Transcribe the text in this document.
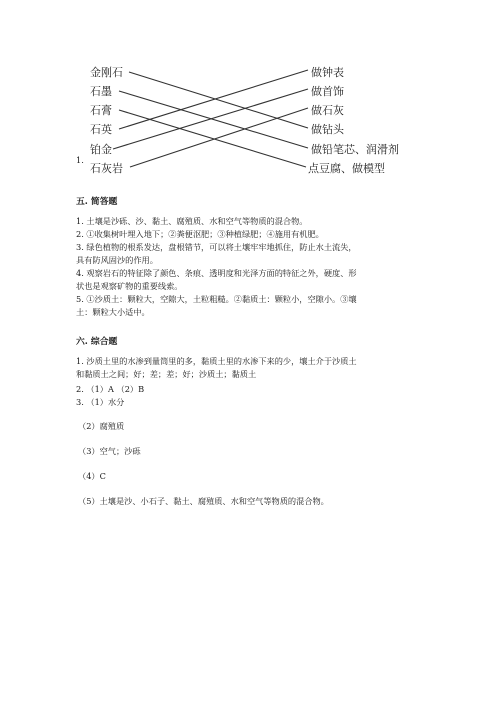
金刚石
石墨
石膏
石英
铂金
石灰岩
做钟表
做首饰
做石灰
做钻头
做铅笔芯、润滑剂
点豆腐、做模型
1.
五. 简答题
1. 土壤是沙砾、沙、黏土、腐殖质、水和空气等物质的混合物。
2. ①收集树叶埋入地下；②粪便沤肥；③种植绿肥；④施用有机肥。
3. 绿色植物的根系发达，盘根错节，可以将土壤牢牢地抓住，防止水土流失，
具有防风固沙的作用。
4. 观察岩石的特征除了颜色、条痕、透明度和光泽方面的特征之外，硬度、形
状也是观察矿物的重要线索。
5. ①沙质土：颗粒大，空隙大，土粒粗糙。②黏质土：颗粒小，空隙小。③壤
土：颗粒大小适中。
六. 综合题
1. 沙质土里的水渗到量筒里的多，黏质土里的水渗下来的少，壤土介于沙质土
和黏质土之间；好；差；差；好；沙质土；黏质土
2. （1）A （2）B
3. （1）水分
（2）腐殖质
（3）空气；沙砾
（4）C
（5）土壤是沙、小石子、黏土、腐殖质、水和空气等物质的混合物。
